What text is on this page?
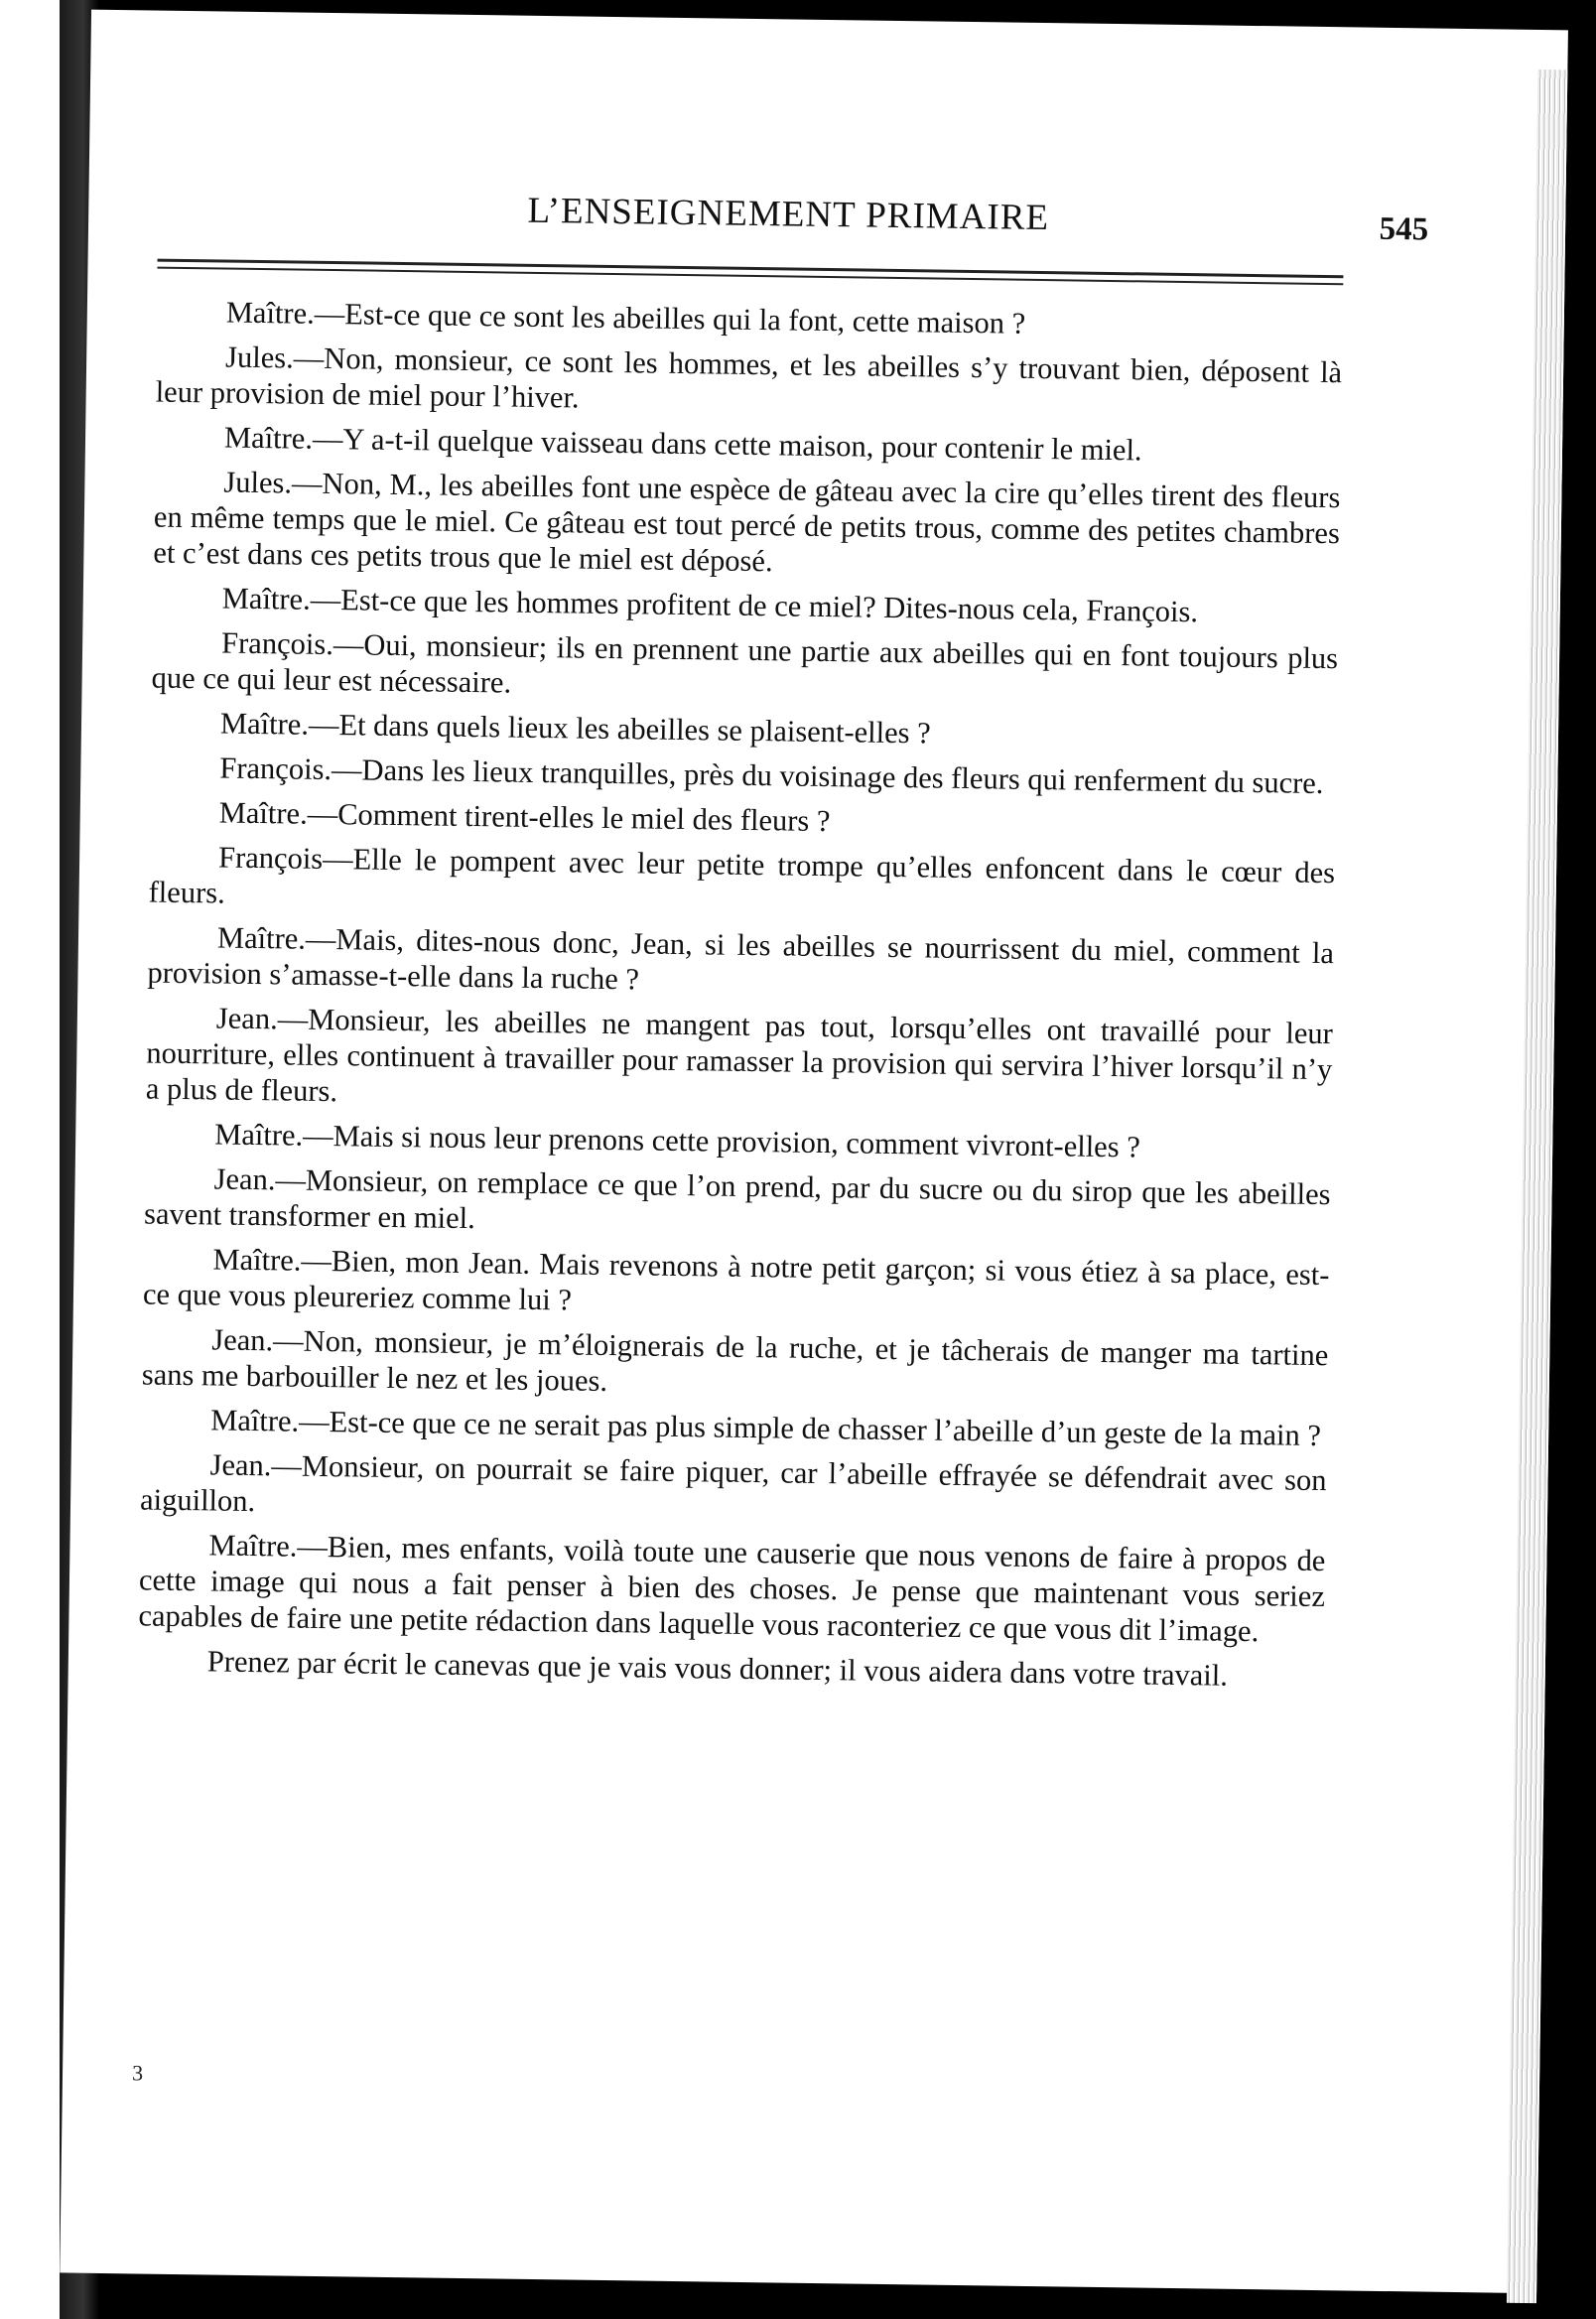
L’ENSEIGNEMENT PRIMAIRE	545

Maître.—Est-ce que ce sont les abeilles qui la font, cette maison ?

Jules.—Non, monsieur, ce sont les hommes, et les abeilles s’y trouvant bien, déposent là leur provision de miel pour l’hiver.

Maître.—Y a-t-il quelque vaisseau dans cette maison, pour contenir le miel.

Jules.—Non, M., les abeilles font une espèce de gâteau avec la cire qu’elles tirent des fleurs en même temps que le miel. Ce gâteau est tout percé de petits trous, comme des petites chambres et c’est dans ces petits trous que le miel est déposé.

Maître.—Est-ce que les hommes profitent de ce miel? Dites-nous cela, François.

François.—Oui, monsieur; ils en prennent une partie aux abeilles qui en font toujours plus que ce qui leur est nécessaire.

Maître.—Et dans quels lieux les abeilles se plaisent-elles ?

François.—Dans les lieux tranquilles, près du voisinage des fleurs qui renferment du sucre.

Maître.—Comment tirent-elles le miel des fleurs ?

François—Elle le pompent avec leur petite trompe qu’elles enfoncent dans le cœur des fleurs.

Maître.—Mais, dites-nous donc, Jean, si les abeilles se nourrissent du miel, comment la provision s’amasse-t-elle dans la ruche ?

Jean.—Monsieur, les abeilles ne mangent pas tout, lorsqu’elles ont travaillé pour leur nourriture, elles continuent à travailler pour ramasser la provision qui servira l’hiver lorsqu’il n’y a plus de fleurs.

Maître.—Mais si nous leur prenons cette provision, comment vivront-elles ?

Jean.—Monsieur, on remplace ce que l’on prend, par du sucre ou du sirop que les abeilles savent transformer en miel.

Maître.—Bien, mon Jean. Mais revenons à notre petit garçon; si vous étiez à sa place, est-ce que vous pleureriez comme lui ?

Jean.—Non, monsieur, je m’éloignerais de la ruche, et je tâcherais de manger ma tartine sans me barbouiller le nez et les joues.

Maître.—Est-ce que ce ne serait pas plus simple de chasser l’abeille d’un geste de la main ?

Jean.—Monsieur, on pourrait se faire piquer, car l’abeille effrayée se défendrait avec son aiguillon.

Maître.—Bien, mes enfants, voilà toute une causerie que nous venons de faire à propos de cette image qui nous a fait penser à bien des choses. Je pense que maintenant vous seriez capables de faire une petite rédaction dans laquelle vous raconteriez ce que vous dit l’image.

Prenez par écrit le canevas que je vais vous donner; il vous aidera dans votre travail.

3
